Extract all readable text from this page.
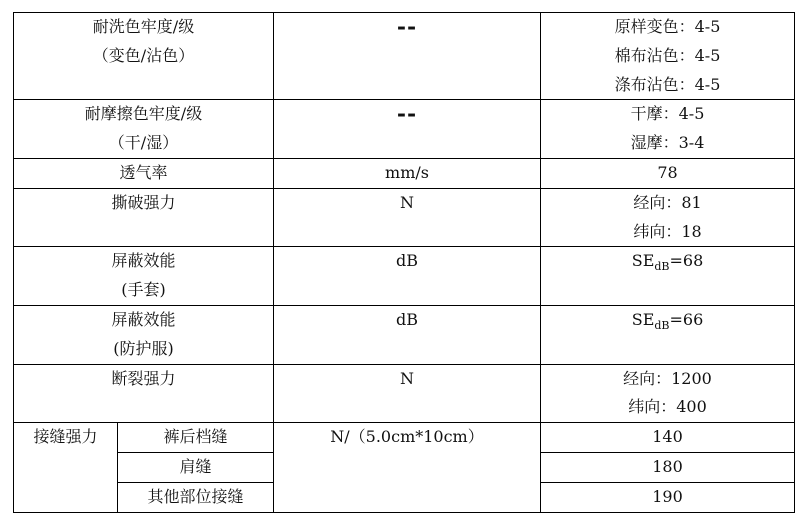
耐洗色牢度/级
（变色/沾色）		--	原样变色：4-5
棉布沾色：4-5
涤布沾色：4-5

耐摩擦色牢度/级
（干/湿）		--	干摩：4-5
湿摩：3-4

透气率		mm/s	78

撕破强力		N	经向：81
纬向：18

屏蔽效能
(手套)		dB	$SE_{dB}=68$

屏蔽效能
(防护服)		dB	$SE_{dB}=66$

断裂强力		N	经向：1200
纬向：400

接缝强力	裤后档缝	N/（5.0cm*10cm）	140
	肩缝		180
	其他部位接缝		190
